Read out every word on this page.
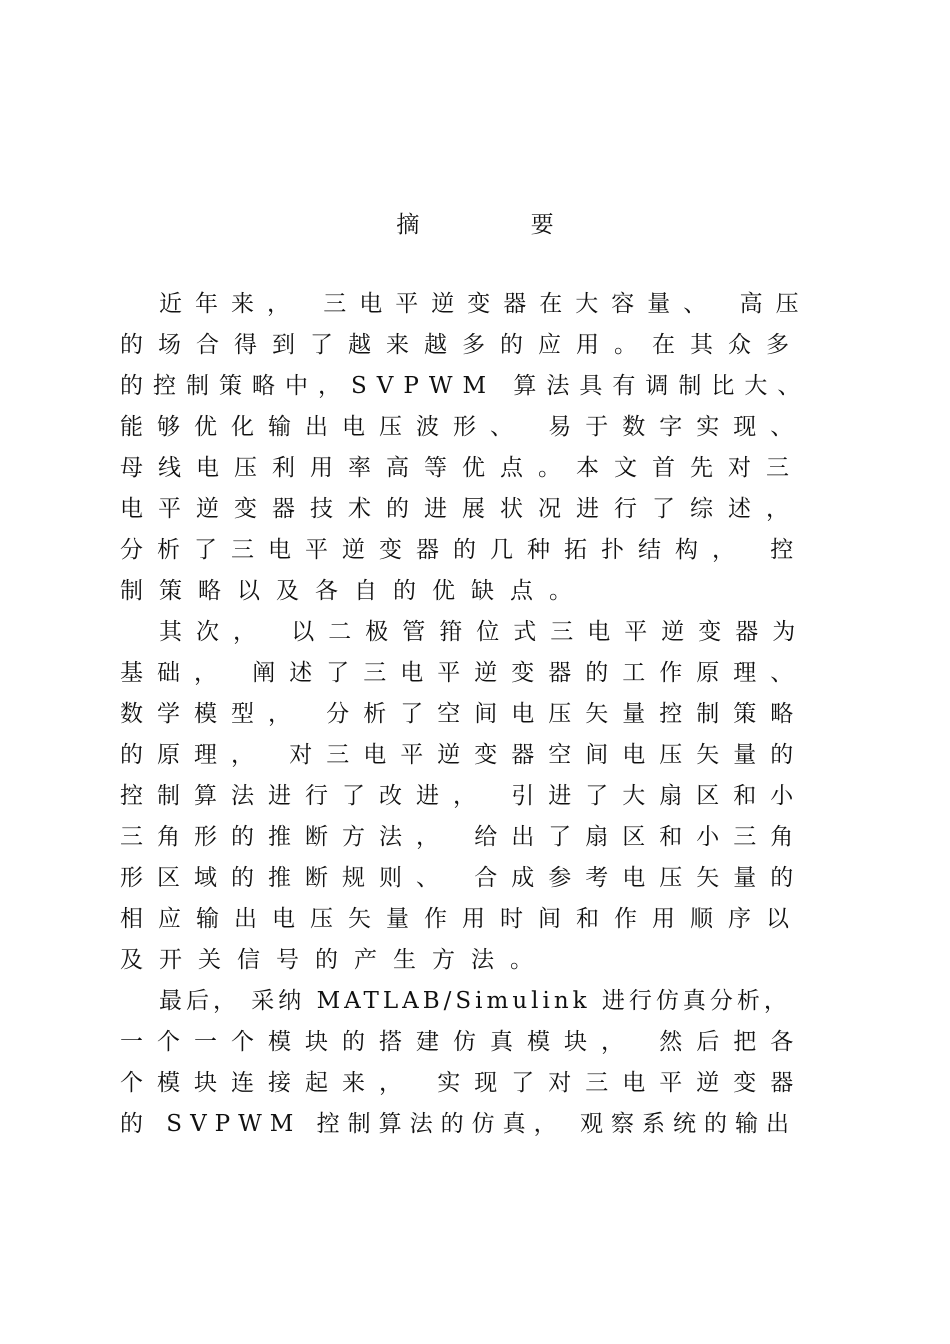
摘 要
近年来， 三电平逆变器在大容量、 高压
的场合得到了越来越多的应用。在其众多
的控制策略中，SVPWM 算法具有调制比大、
能够优化输出电压波形、 易于数字实现、
母线电压利用率高等优点。本文首先对三
电平逆变器技术的进展状况进行了综述，
分析了三电平逆变器的几种拓扑结构， 控
制策略以及各自的优缺点。
其次， 以二极管箝位式三电平逆变器为
基础， 阐述了三电平逆变器的工作原理、
数学模型， 分析了空间电压矢量控制策略
的原理， 对三电平逆变器空间电压矢量的
控制算法进行了改进， 引进了大扇区和小
三角形的推断方法， 给出了扇区和小三角
形区域的推断规则、 合成参考电压矢量的
相应输出电压矢量作用时间和作用顺序以
及开关信号的产生方法。
最后， 采纳 MATLAB/Simulink 进行仿真分析，
一个一个模块的搭建仿真模块， 然后把各
个模块连接起来， 实现了对三电平逆变器
的 SVPWM 控制算法的仿真， 观察系统的输出
